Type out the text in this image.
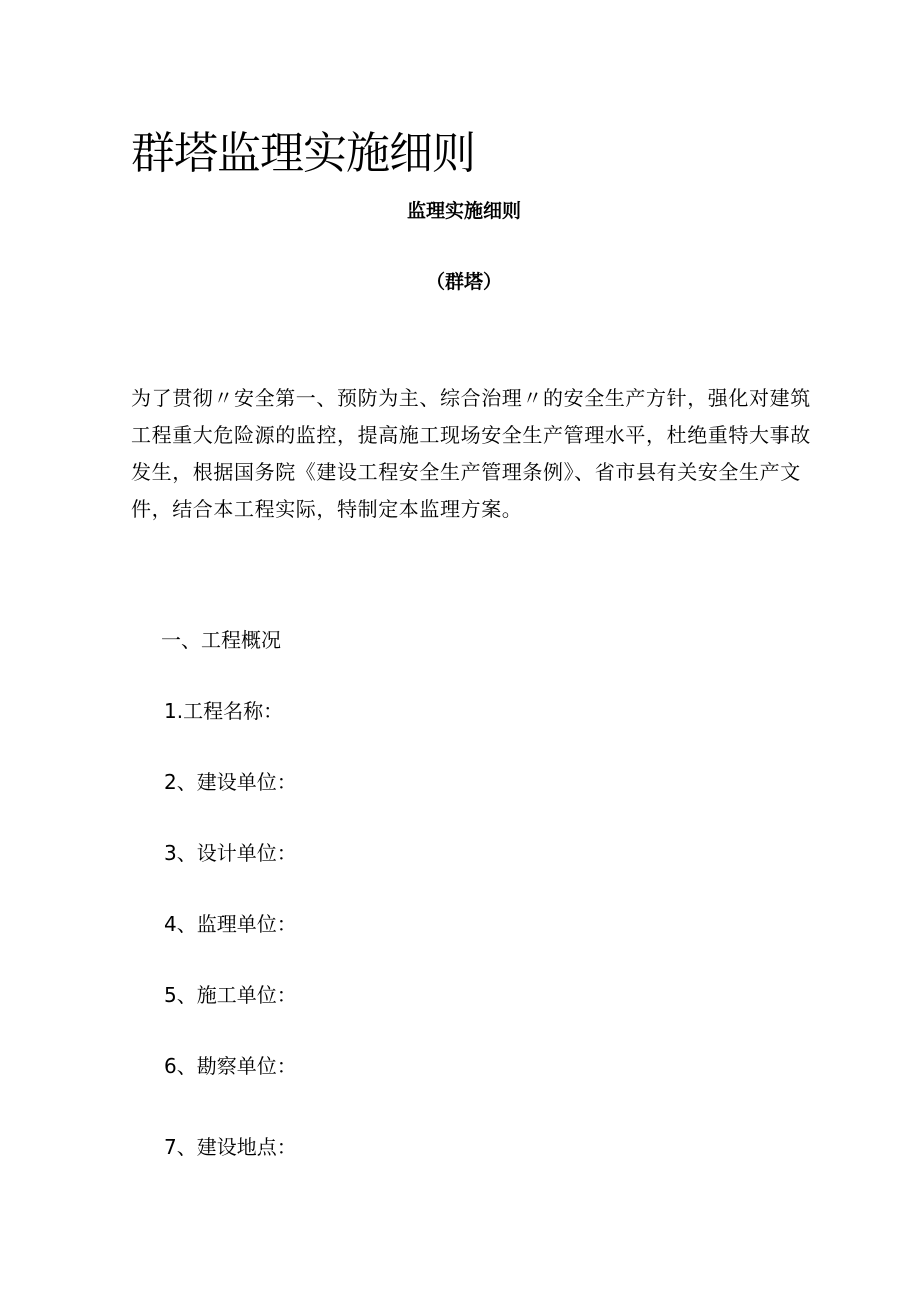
群塔监理实施细则
监理实施细则
（群塔）
为了贯彻〃安全第一、预防为主、综合治理〃的安全生产方针，强化对建筑
工程重大危险源的监控，提高施工现场安全生产管理水平，杜绝重特大事故
发生，根据国务院《建设工程安全生产管理条例》、省市县有关安全生产文
件，结合本工程实际，特制定本监理方案。
一、工程概况
1.工程名称：
2、建设单位：
3、设计单位：
4、监理单位：
5、施工单位：
6、勘察单位：
7、建设地点：
